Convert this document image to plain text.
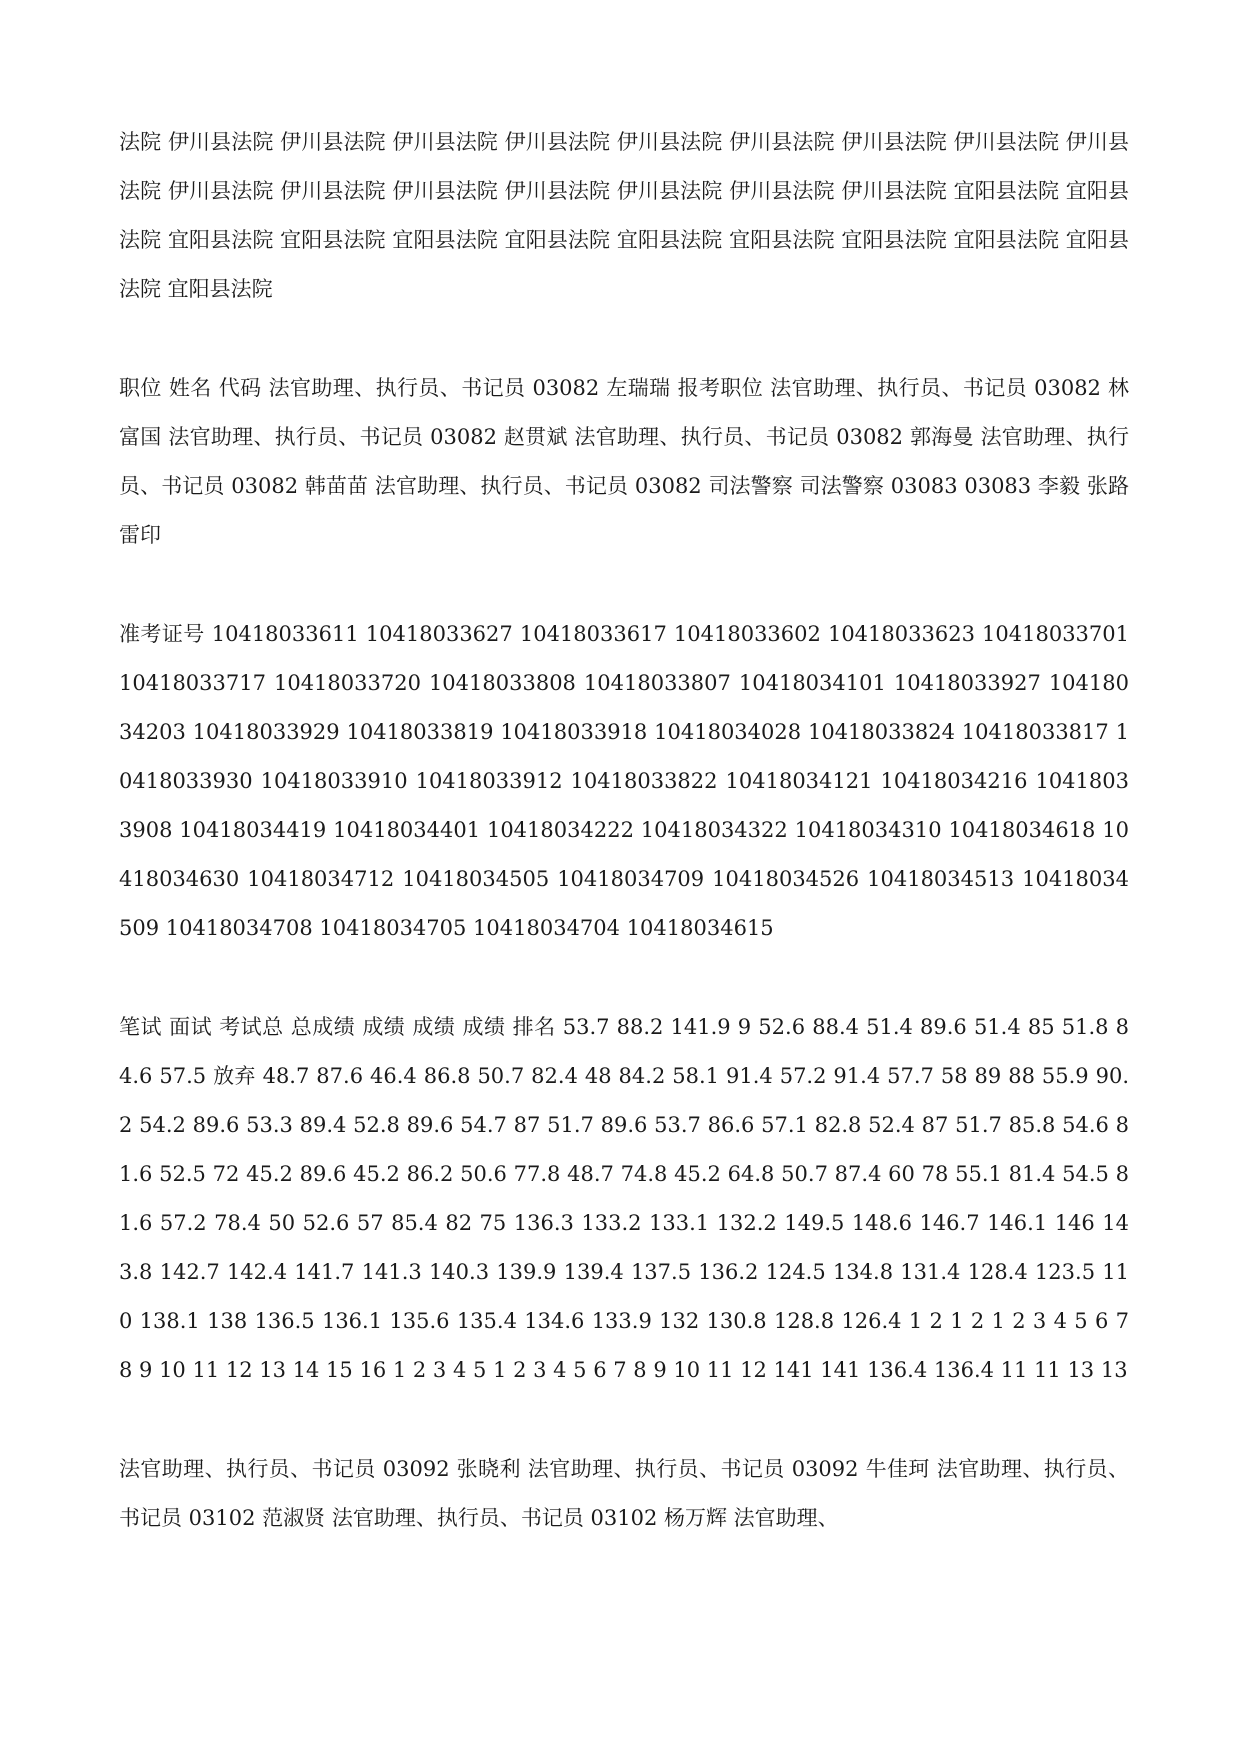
法院 伊川县法院 伊川县法院 伊川县法院 伊川县法院 伊川县法院 伊川县法院 伊川县法院 伊川县法院 伊川县法院 伊川县法院 伊川县法院 伊川县法院 伊川县法院 伊川县法院 伊川县法院 伊川县法院 宜阳县法院 宜阳县法院 宜阳县法院 宜阳县法院 宜阳县法院 宜阳县法院 宜阳县法院 宜阳县法院 宜阳县法院 宜阳县法院 宜阳县法院 宜阳县法院

职位 姓名 代码 法官助理、执行员、书记员 03082 左瑞瑞 报考职位 法官助理、执行员、书记员 03082 林富国 法官助理、执行员、书记员 03082 赵贯斌 法官助理、执行员、书记员 03082 郭海曼 法官助理、执行员、书记员 03082 韩苗苗 法官助理、执行员、书记员 03082 司法警察 司法警察 03083 03083 李毅 张路 雷印

准考证号 10418033611 10418033627 10418033617 10418033602 10418033623 10418033701 10418033717 10418033720 10418033808 10418033807 10418034101 10418033927 10418034203 10418033929 10418033819 10418033918 10418034028 10418033824 10418033817 10418033930 10418033910 10418033912 10418033822 10418034121 10418034216 10418033908 10418034419 10418034401 10418034222 10418034322 10418034310 10418034618 10418034630 10418034712 10418034505 10418034709 10418034526 10418034513 10418034509 10418034708 10418034705 10418034704 10418034615

笔试 面试 考试总 总成绩 成绩 成绩 成绩 排名 53.7 88.2 141.9 9 52.6 88.4 51.4 89.6 51.4 85 51.8 84.6 57.5 放弃 48.7 87.6 46.4 86.8 50.7 82.4 48 84.2 58.1 91.4 57.2 91.4 57.7 58 89 88 55.9 90.2 54.2 89.6 53.3 89.4 52.8 89.6 54.7 87 51.7 89.6 53.7 86.6 57.1 82.8 52.4 87 51.7 85.8 54.6 81.6 52.5 72 45.2 89.6 45.2 86.2 50.6 77.8 48.7 74.8 45.2 64.8 50.7 87.4 60 78 55.1 81.4 54.5 81.6 57.2 78.4 50 52.6 57 85.4 82 75 136.3 133.2 133.1 132.2 149.5 148.6 146.7 146.1 146 143.8 142.7 142.4 141.7 141.3 140.3 139.9 139.4 137.5 136.2 124.5 134.8 131.4 128.4 123.5 110 138.1 138 136.5 136.1 135.6 135.4 134.6 133.9 132 130.8 128.8 126.4 1 2 1 2 1 2 3 4 5 6 7 8 9 10 11 12 13 14 15 16 1 2 3 4 5 1 2 3 4 5 6 7 8 9 10 11 12 141 141 136.4 136.4 11 11 13 13

法官助理、执行员、书记员 03092 张晓利 法官助理、执行员、书记员 03092 牛佳珂 法官助理、执行员、书记员 03102 范淑贤 法官助理、执行员、书记员 03102 杨万辉 法官助理、
